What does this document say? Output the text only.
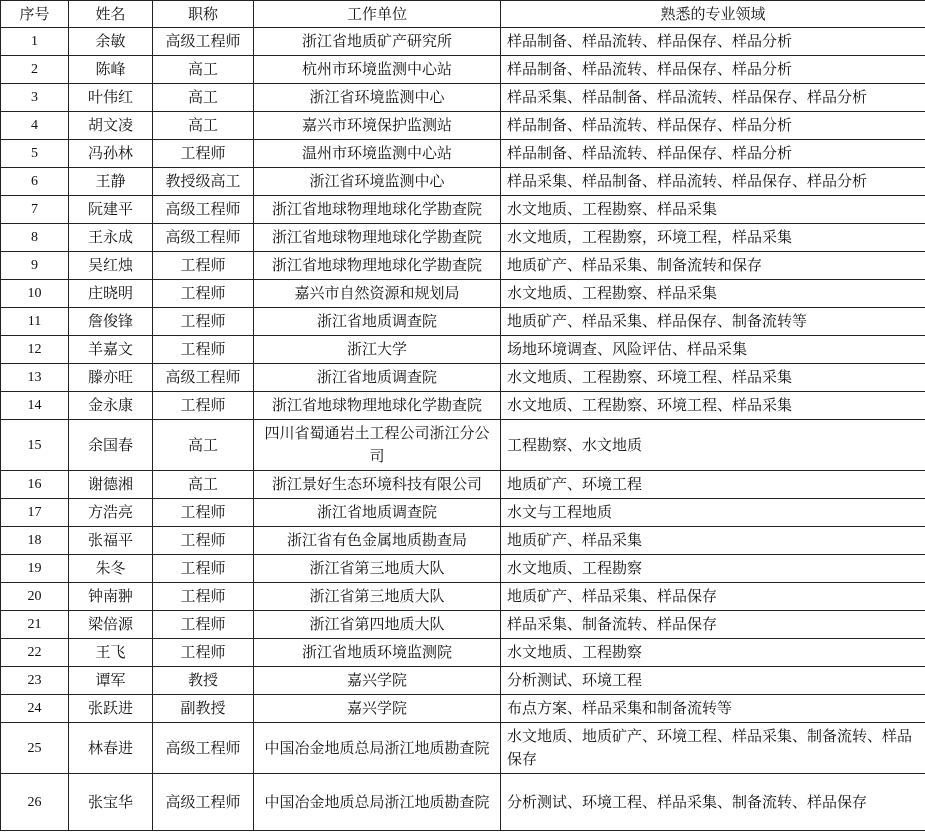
序号	姓名	职称	工作单位	熟悉的专业领域
1	余敏	高级工程师	浙江省地质矿产研究所	样品制备、样品流转、样品保存、样品分析
2	陈峰	高工	杭州市环境监测中心站	样品制备、样品流转、样品保存、样品分析
3	叶伟红	高工	浙江省环境监测中心	样品采集、样品制备、样品流转、样品保存、样品分析
4	胡文凌	高工	嘉兴市环境保护监测站	样品制备、样品流转、样品保存、样品分析
5	冯孙林	工程师	温州市环境监测中心站	样品制备、样品流转、样品保存、样品分析
6	王静	教授级高工	浙江省环境监测中心	样品采集、样品制备、样品流转、样品保存、样品分析
7	阮建平	高级工程师	浙江省地球物理地球化学勘查院	水文地质、工程勘察、样品采集
8	王永成	高级工程师	浙江省地球物理地球化学勘查院	水文地质，工程勘察，环境工程，样品采集
9	吴红烛	工程师	浙江省地球物理地球化学勘查院	地质矿产、样品采集、制备流转和保存
10	庄晓明	工程师	嘉兴市自然资源和规划局	水文地质、工程勘察、样品采集
11	詹俊锋	工程师	浙江省地质调查院	地质矿产、样品采集、样品保存、制备流转等
12	羊嘉文	工程师	浙江大学	场地环境调查、风险评估、样品采集
13	滕亦旺	高级工程师	浙江省地质调查院	水文地质、工程勘察、环境工程、样品采集
14	金永康	工程师	浙江省地球物理地球化学勘查院	水文地质、工程勘察、环境工程、样品采集
15	余国春	高工	四川省蜀通岩土工程公司浙江分公司	工程勘察、水文地质
16	谢德湘	高工	浙江景好生态环境科技有限公司	地质矿产、环境工程
17	方浩亮	工程师	浙江省地质调查院	水文与工程地质
18	张福平	工程师	浙江省有色金属地质勘查局	地质矿产、样品采集
19	朱冬	工程师	浙江省第三地质大队	水文地质、工程勘察
20	钟南翀	工程师	浙江省第三地质大队	地质矿产、样品采集、样品保存
21	梁倍源	工程师	浙江省第四地质大队	样品采集、制备流转、样品保存
22	王飞	工程师	浙江省地质环境监测院	水文地质、工程勘察
23	谭军	教授	嘉兴学院	分析测试、环境工程
24	张跃进	副教授	嘉兴学院	布点方案、样品采集和制备流转等
25	林春进	高级工程师	中国冶金地质总局浙江地质勘查院	水文地质、地质矿产、环境工程、样品采集、制备流转、样品保存
26	张宝华	高级工程师	中国冶金地质总局浙江地质勘查院	分析测试、环境工程、样品采集、制备流转、样品保存
